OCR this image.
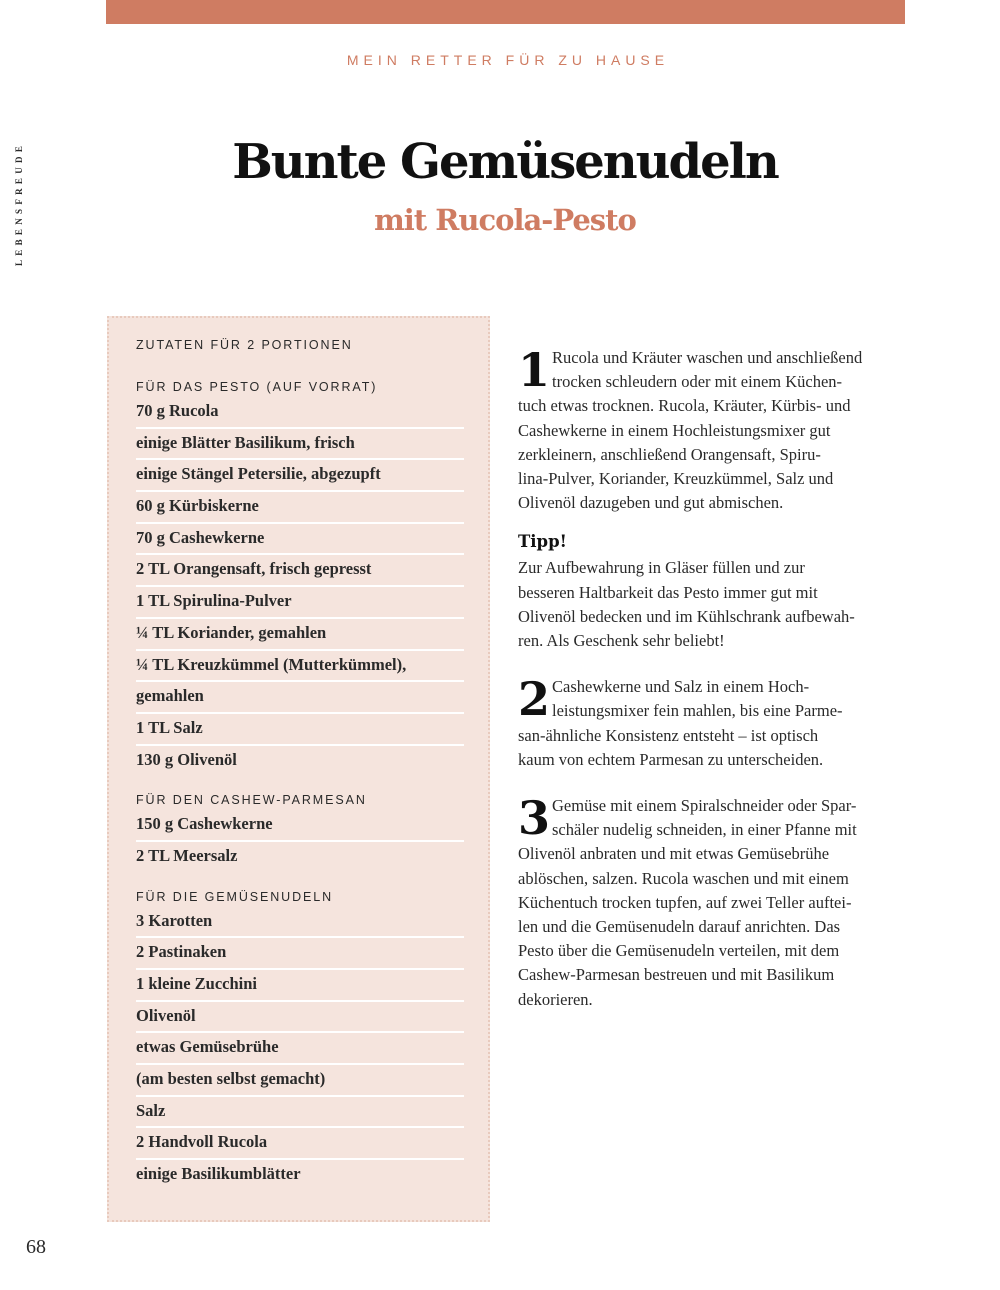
MEIN RETTER FÜR ZU HAUSE
LEBENSFREUDE	Bunte Gemüsenudeln
mit Rucola-Pesto
ZUTATEN FÜR 2 PORTIONEN
FÜR DAS PESTO (AUF VORRAT)
70 g Rucola
einige Blätter Basilikum, frisch
einige Stängel Petersilie, abgezupft
60 g Kürbiskerne
70 g Cashewkerne
2 TL Orangensaft, frisch gepresst
1 TL Spirulina-Pulver
¼ TL Koriander, gemahlen
¼ TL Kreuzkümmel (Mutterkümmel),
gemahlen
1 TL Salz
130 g Olivenöl
FÜR DEN CASHEW-PARMESAN
150 g Cashewkerne
2 TL Meersalz
FÜR DIE GEMÜSENUDELN
3 Karotten
2 Pastinaken
1 kleine Zucchini
Olivenöl
etwas Gemüsebrühe
(am besten selbst gemacht)
Salz
2 Handvoll Rucola
einige Basilikumblätter
1 Rucola und Kräuter waschen und anschließend
trocken schleudern oder mit einem Küchen-
tuch etwas trocknen. Rucola, Kräuter, Kürbis- und
Cashewkerne in einem Hochleistungsmixer gut
zerkleinern, anschließend Orangensaft, Spiru-
lina-Pulver, Koriander, Kreuzkümmel, Salz und
Olivenöl dazugeben und gut abmischen.
Tipp!
Zur Aufbewahrung in Gläser füllen und zur
besseren Haltbarkeit das Pesto immer gut mit
Olivenöl bedecken und im Kühlschrank aufbewah-
ren. Als Geschenk sehr beliebt!
2 Cashewkerne und Salz in einem Hoch-
leistungsmixer fein mahlen, bis eine Parme-
san-ähnliche Konsistenz entsteht – ist optisch
kaum von echtem Parmesan zu unterscheiden.
3 Gemüse mit einem Spiralschneider oder Spar-
schäler nudelig schneiden, in einer Pfanne mit
Olivenöl anbraten und mit etwas Gemüsebrühe
ablöschen, salzen. Rucola waschen und mit einem
Küchentuch trocken tupfen, auf zwei Teller auftei-
len und die Gemüsenudeln darauf anrichten. Das
Pesto über die Gemüsenudeln verteilen, mit dem
Cashew-Parmesan bestreuen und mit Basilikum
dekorieren.
68
